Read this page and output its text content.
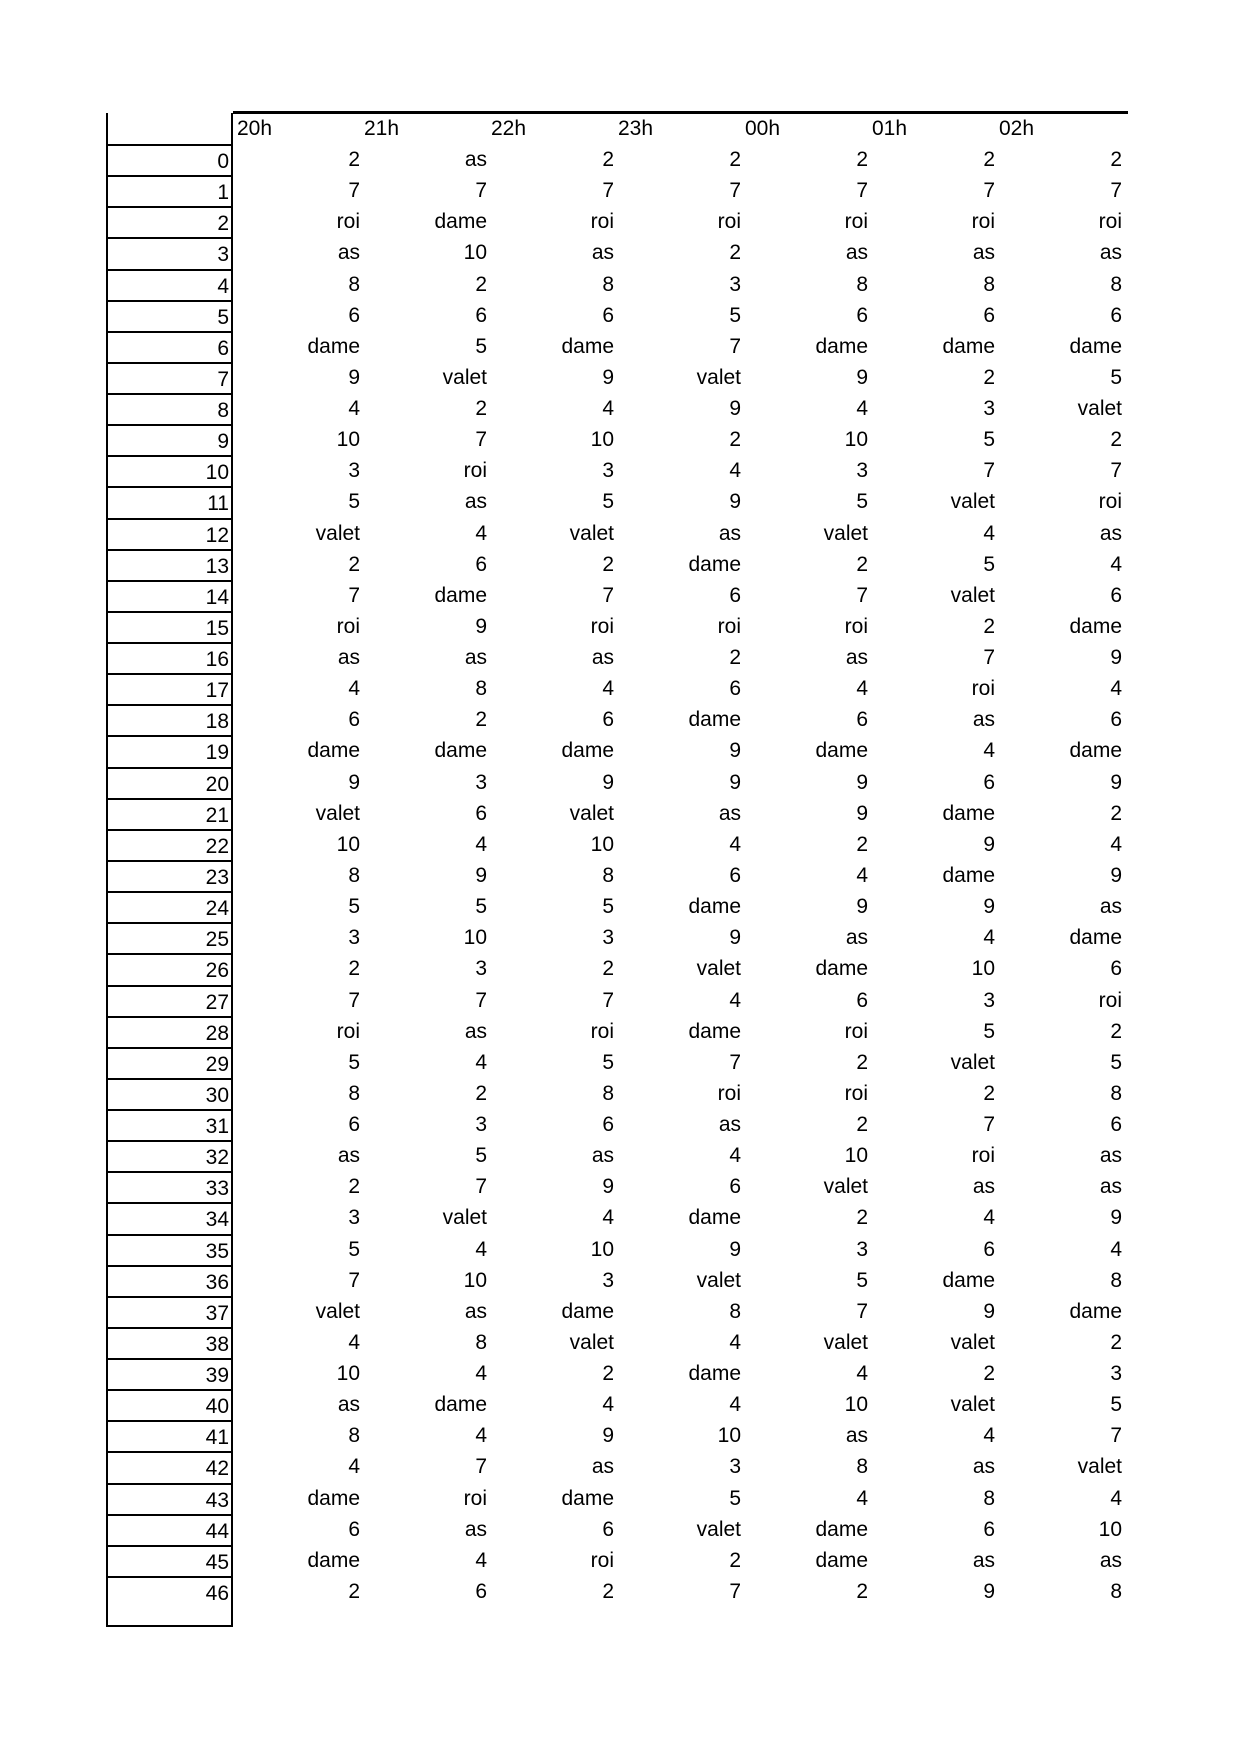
20h	21h	22h	23h	00h	01h	02h
0	2	as	2	2	2	2	2
1	7	7	7	7	7	7	7
2	roi	dame	roi	roi	roi	roi	roi
3	as	10	as	2	as	as	as
4	8	2	8	3	8	8	8
5	6	6	6	5	6	6	6
6	dame	5	dame	7	dame	dame	dame
7	9	valet	9	valet	9	2	5
8	4	2	4	9	4	3	valet
9	10	7	10	2	10	5	2
10	3	roi	3	4	3	7	7
11	5	as	5	9	5	valet	roi
12	valet	4	valet	as	valet	4	as
13	2	6	2	dame	2	5	4
14	7	dame	7	6	7	valet	6
15	roi	9	roi	roi	roi	2	dame
16	as	as	as	2	as	7	9
17	4	8	4	6	4	roi	4
18	6	2	6	dame	6	as	6
19	dame	dame	dame	9	dame	4	dame
20	9	3	9	9	9	6	9
21	valet	6	valet	as	9	dame	2
22	10	4	10	4	2	9	4
23	8	9	8	6	4	dame	9
24	5	5	5	dame	9	9	as
25	3	10	3	9	as	4	dame
26	2	3	2	valet	dame	10	6
27	7	7	7	4	6	3	roi
28	roi	as	roi	dame	roi	5	2
29	5	4	5	7	2	valet	5
30	8	2	8	roi	roi	2	8
31	6	3	6	as	2	7	6
32	as	5	as	4	10	roi	as
33	2	7	9	6	valet	as	as
34	3	valet	4	dame	2	4	9
35	5	4	10	9	3	6	4
36	7	10	3	valet	5	dame	8
37	valet	as	dame	8	7	9	dame
38	4	8	valet	4	valet	valet	2
39	10	4	2	dame	4	2	3
40	as	dame	4	4	10	valet	5
41	8	4	9	10	as	4	7
42	4	7	as	3	8	as	valet
43	dame	roi	dame	5	4	8	4
44	6	as	6	valet	dame	6	10
45	dame	4	roi	2	dame	as	as
46	2	6	2	7	2	9	8
